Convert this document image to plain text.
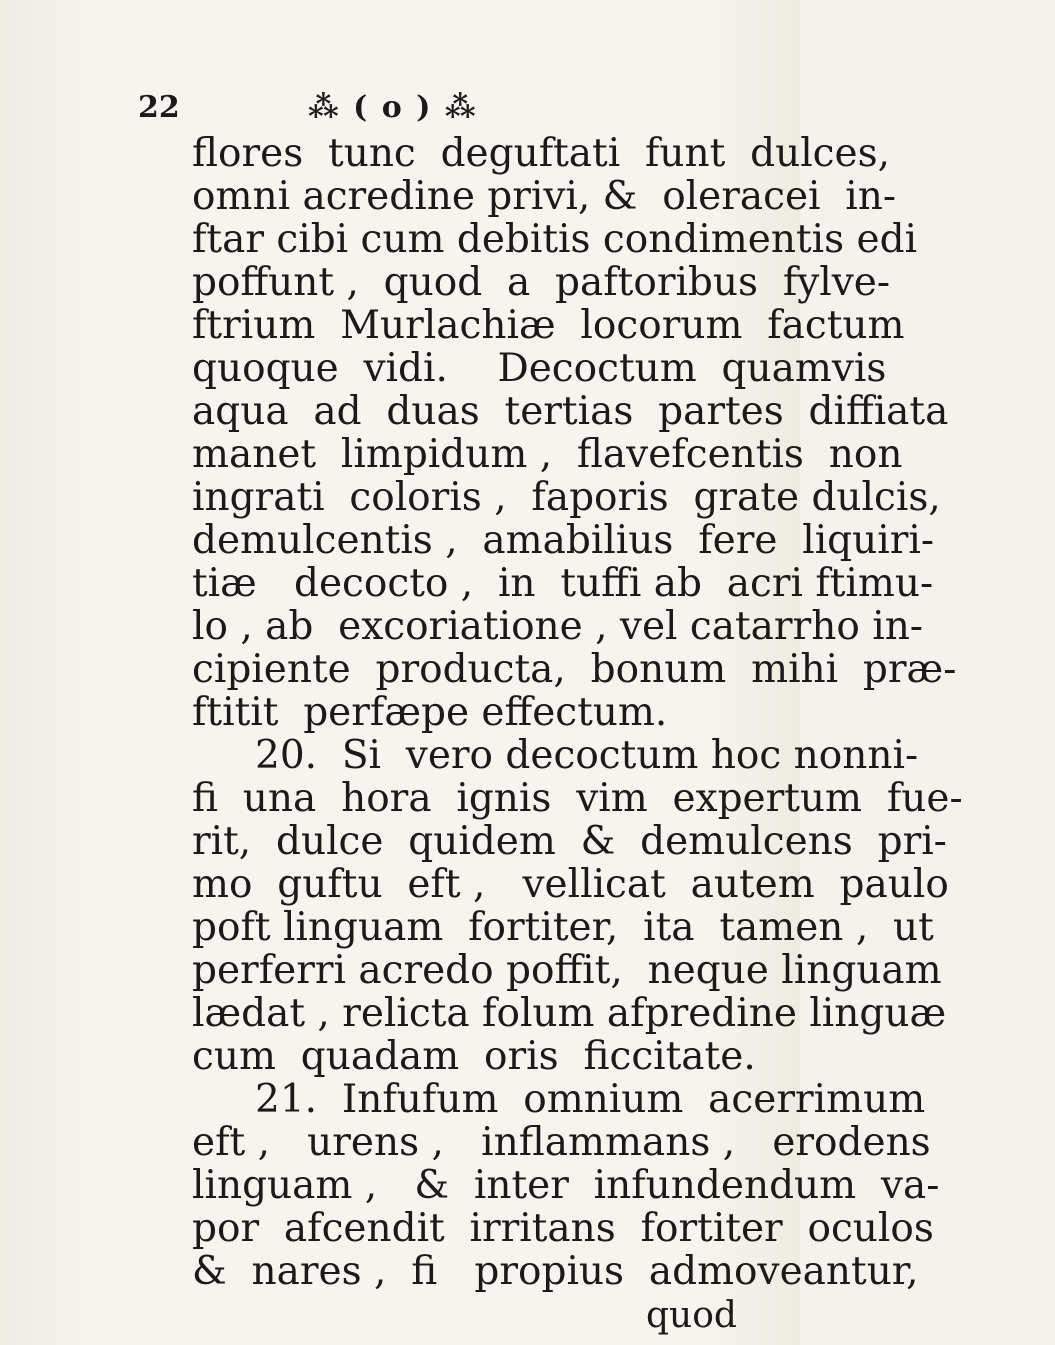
22	⁂ ( o ) ⁂
flores  tunc  deguftati  funt  dulces,
omni acredine privi, &  oleracei  in-
ftar cibi cum debitis condimentis edi
poffunt ,  quod  a  paftoribus  fylve-
ftrium  Murlachiæ  locorum  factum
quoque  vidi.    Decoctum  quamvis
aqua  ad  duas  tertias  partes  diffiata
manet  limpidum ,  flavefcentis  non
ingrati  coloris ,  faporis  grate dulcis,
demulcentis ,  amabilius  fere  liquiri-
tiæ   decocto ,  in  tuffi ab  acri ftimu-
lo , ab  excoriatione , vel catarrho in-
cipiente  producta,  bonum  mihi  præ-
ftitit  perfæpe effectum.
20.  Si  vero decoctum hoc nonni-
fi  una  hora  ignis  vim  expertum  fue-
rit,  dulce  quidem  &  demulcens  pri-
mo  guftu  eft ,   vellicat  autem  paulo
poft linguam  fortiter,  ita  tamen ,  ut
perferri acredo poffit,  neque linguam
lædat , relicta folum afpredine linguæ
cum  quadam  oris  ficcitate.
21.  Infufum  omnium  acerrimum
eft ,   urens ,   inflammans ,   erodens
linguam ,   &  inter  infundendum  va-
por  afcendit  irritans  fortiter  oculos
&  nares ,  fi   propius  admoveantur,
quod
